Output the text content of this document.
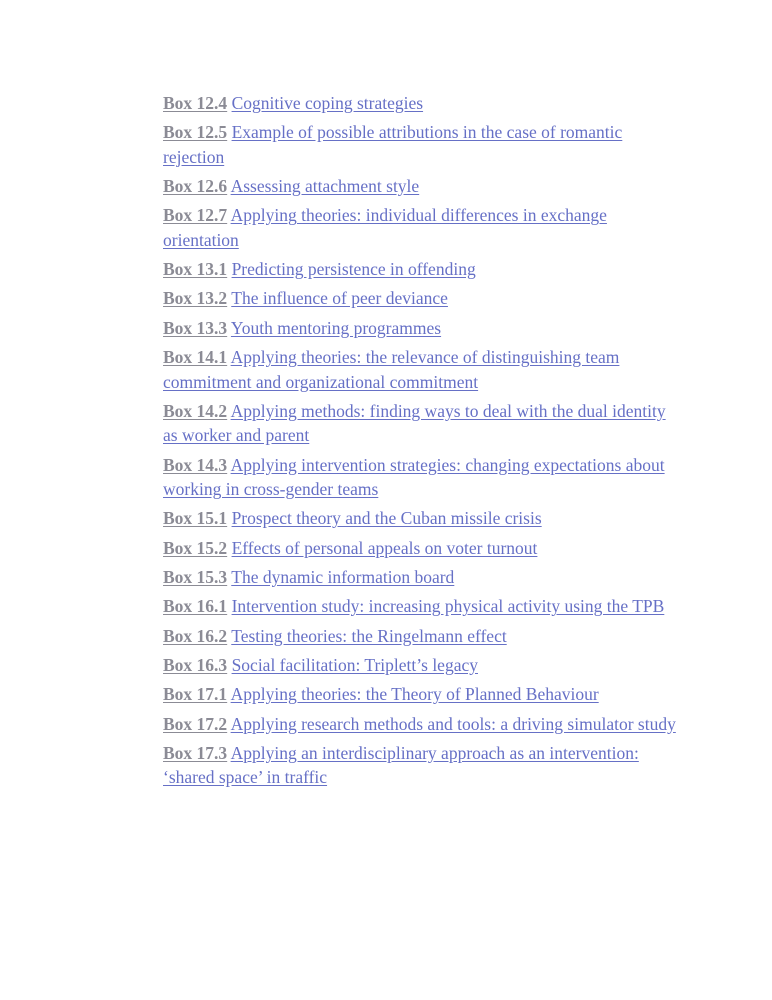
Box 12.4 Cognitive coping strategies
Box 12.5 Example of possible attributions in the case of romantic rejection
Box 12.6 Assessing attachment style
Box 12.7 Applying theories: individual differences in exchange orientation
Box 13.1 Predicting persistence in offending
Box 13.2 The influence of peer deviance
Box 13.3 Youth mentoring programmes
Box 14.1 Applying theories: the relevance of distinguishing team commitment and organizational commitment
Box 14.2 Applying methods: finding ways to deal with the dual identity as worker and parent
Box 14.3 Applying intervention strategies: changing expectations about working in cross-gender teams
Box 15.1 Prospect theory and the Cuban missile crisis
Box 15.2 Effects of personal appeals on voter turnout
Box 15.3 The dynamic information board
Box 16.1 Intervention study: increasing physical activity using the TPB
Box 16.2 Testing theories: the Ringelmann effect
Box 16.3 Social facilitation: Triplett’s legacy
Box 17.1 Applying theories: the Theory of Planned Behaviour
Box 17.2 Applying research methods and tools: a driving simulator study
Box 17.3 Applying an interdisciplinary approach as an intervention: ‘shared space’ in traffic
